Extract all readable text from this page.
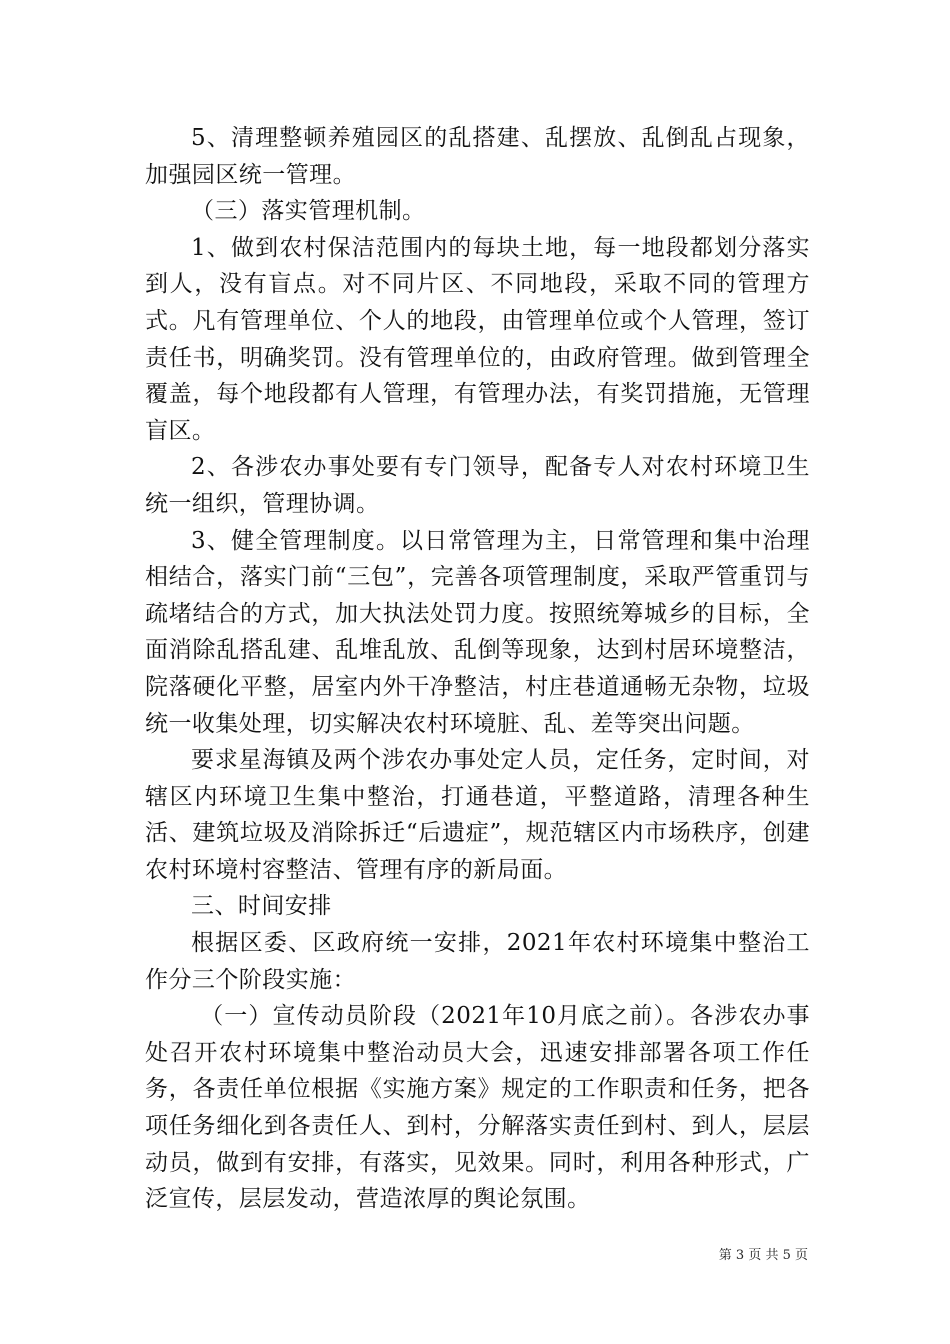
5、清理整顿养殖园区的乱搭建、乱摆放、乱倒乱占现象，加强园区统一管理。

（三）落实管理机制。

1、做到农村保洁范围内的每块土地，每一地段都划分落实到人，没有盲点。对不同片区、不同地段，采取不同的管理方式。凡有管理单位、个人的地段，由管理单位或个人管理，签订责任书，明确奖罚。没有管理单位的，由政府管理。做到管理全覆盖，每个地段都有人管理，有管理办法，有奖罚措施，无管理盲区。

2、各涉农办事处要有专门领导，配备专人对农村环境卫生统一组织，管理协调。

3、健全管理制度。以日常管理为主，日常管理和集中治理相结合，落实门前“三包”，完善各项管理制度，采取严管重罚与疏堵结合的方式，加大执法处罚力度。按照统筹城乡的目标，全面消除乱搭乱建、乱堆乱放、乱倒等现象，达到村居环境整洁，院落硬化平整，居室内外干净整洁，村庄巷道通畅无杂物，垃圾统一收集处理，切实解决农村环境脏、乱、差等突出问题。

要求星海镇及两个涉农办事处定人员，定任务，定时间，对辖区内环境卫生集中整治，打通巷道，平整道路，清理各种生活、建筑垃圾及消除拆迁“后遗症”，规范辖区内市场秩序，创建农村环境村容整洁、管理有序的新局面。

三、时间安排

根据区委、区政府统一安排，2021年农村环境集中整治工作分三个阶段实施：

（一）宣传动员阶段（2021年10月底之前）。各涉农办事处召开农村环境集中整治动员大会，迅速安排部署各项工作任务，各责任单位根据《实施方案》规定的工作职责和任务，把各项任务细化到各责任人、到村，分解落实责任到村、到人，层层动员，做到有安排，有落实，见效果。同时，利用各种形式，广泛宣传，层层发动，营造浓厚的舆论氛围。

第 3 页 共 5 页
